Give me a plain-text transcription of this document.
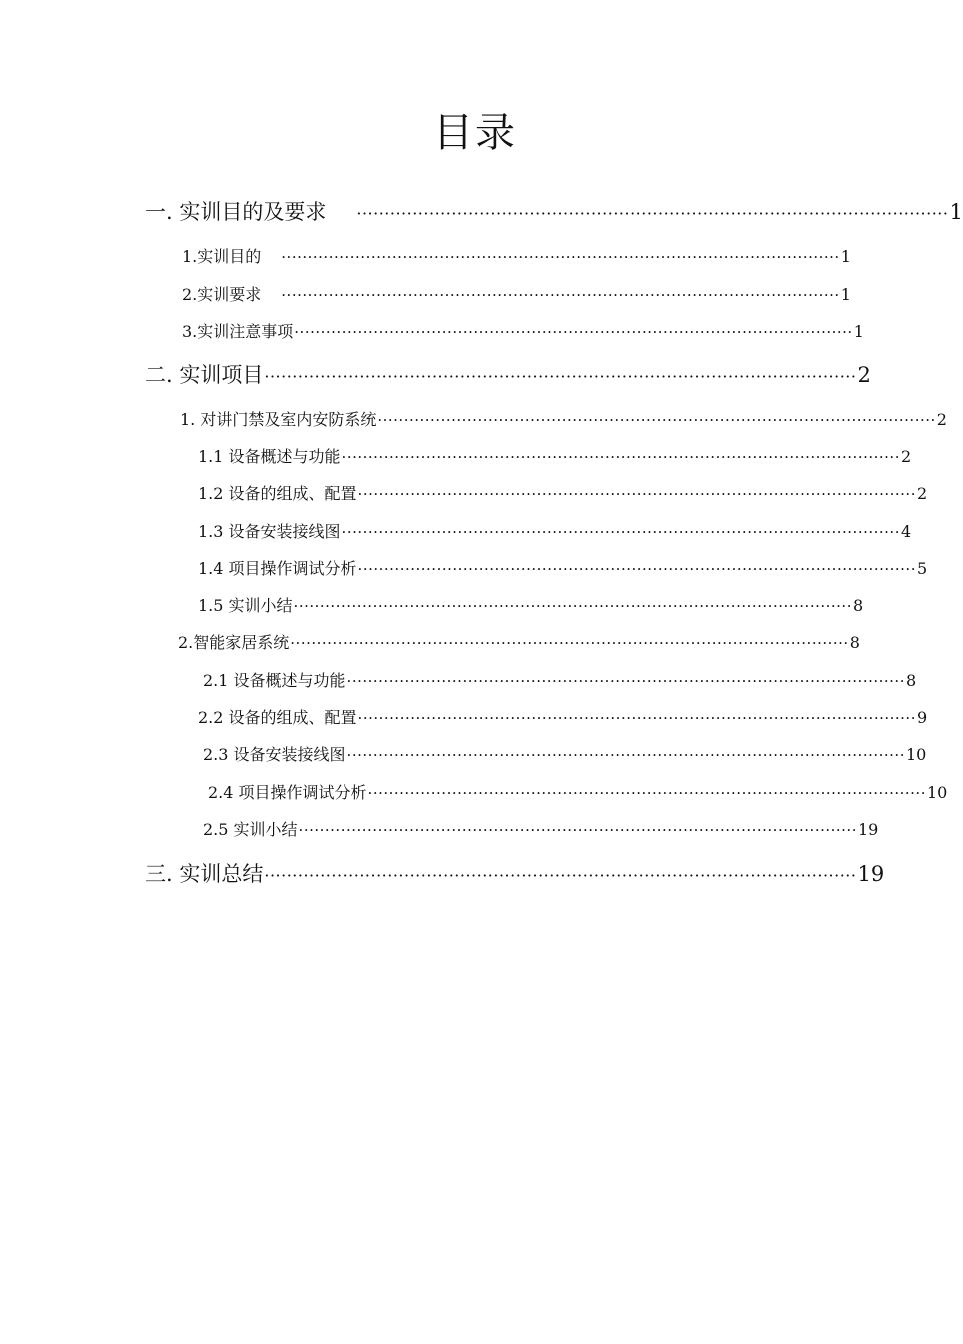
目录
一. 实训目的及要求 ·········································································································· 1
1.实训目的 ·········································································································· 1
2.实训要求 ·········································································································· 1
3.实训注意事项 ·········································································································· 1
二. 实训项目 ·········································································································· 2
1. 对讲门禁及室内安防系统 ·········································································································· 2
1.1 设备概述与功能 ·········································································································· 2
1.2 设备的组成、配置 ·········································································································· 2
1.3 设备安装接线图 ·········································································································· 4
1.4 项目操作调试分析 ·········································································································· 5
1.5 实训小结 ·········································································································· 8
2.智能家居系统 ·········································································································· 8
2.1 设备概述与功能 ·········································································································· 8
2.2 设备的组成、配置 ·········································································································· 9
2.3 设备安装接线图 ·········································································································· 10
2.4 项目操作调试分析 ·········································································································· 10
2.5 实训小结 ·········································································································· 19
三. 实训总结 ·········································································································· 19
